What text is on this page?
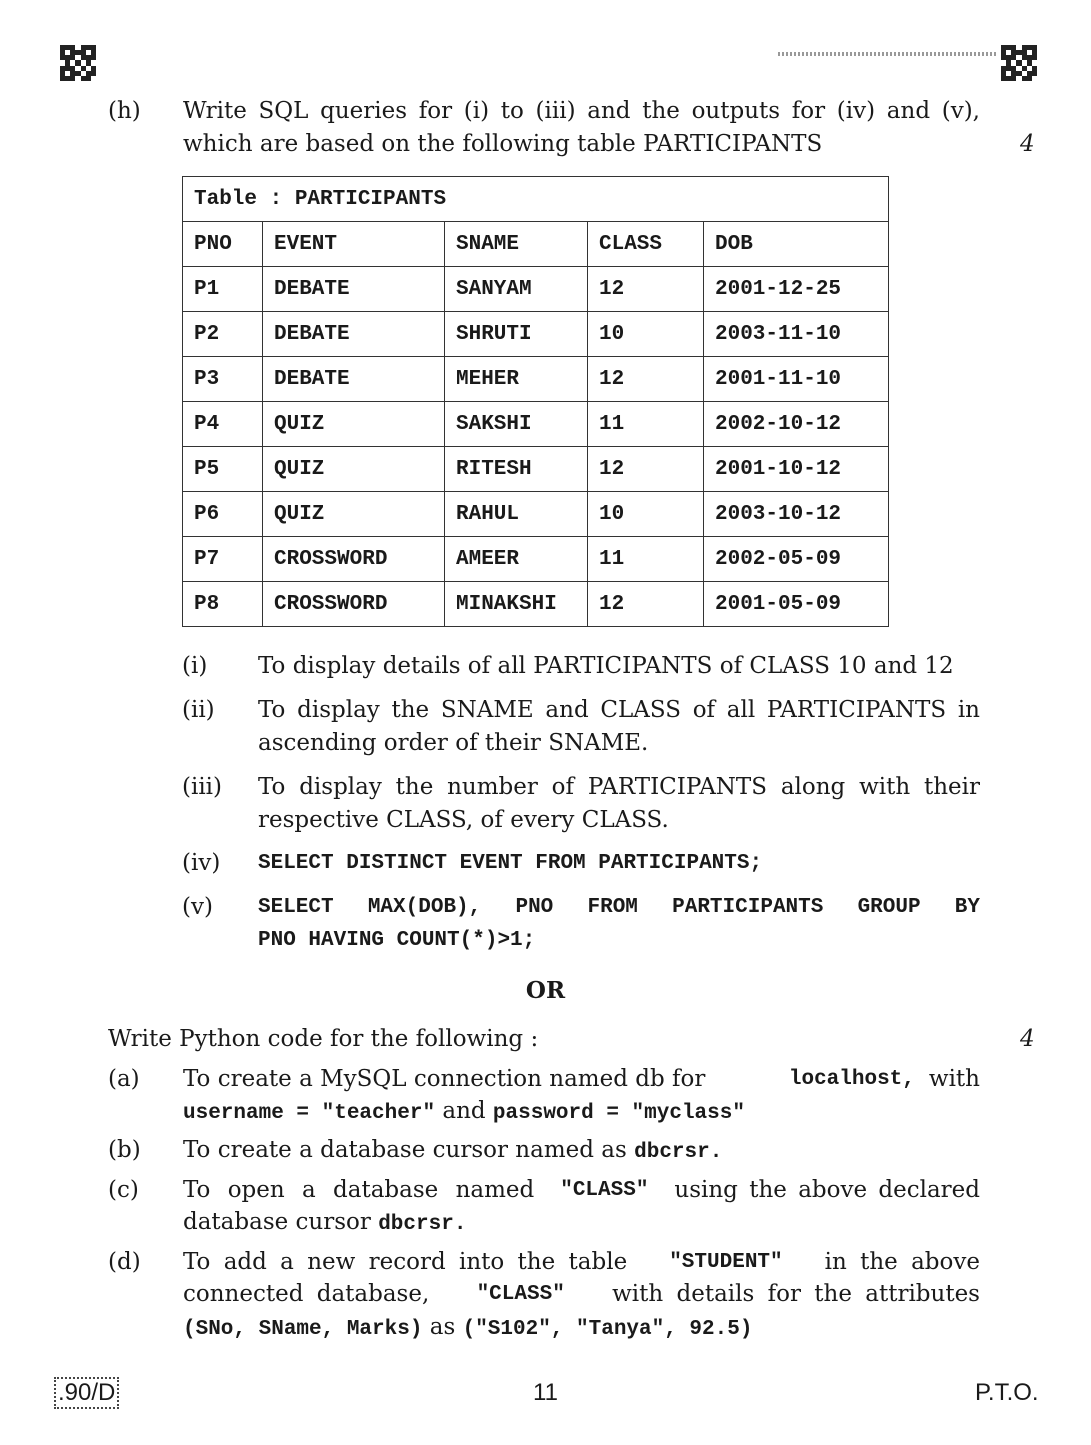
(h) Write SQL queries for (i) to (iii) and the outputs for (iv) and (v),
which are based on the following table PARTICIPANTS	4
Table : PARTICIPANTS				
PNO	EVENT	SNAME	CLASS	DOB
P1	DEBATE	SANYAM	12	2001-12-25
P2	DEBATE	SHRUTI	10	2003-11-10
P3	DEBATE	MEHER	12	2001-11-10
P4	QUIZ	SAKSHI	11	2002-10-12
P5	QUIZ	RITESH	12	2001-10-12
P6	QUIZ	RAHUL	10	2003-10-12
P7	CROSSWORD	AMEER	11	2002-05-09
P8	CROSSWORD	MINAKSHI	12	2001-05-09
(i) To display details of all PARTICIPANTS of CLASS 10 and 12
(ii) To display the SNAME and CLASS of all PARTICIPANTS in
ascending order of their SNAME.
(iii) To display the number of PARTICIPANTS along with their
respective CLASS, of every CLASS.
(iv) SELECT DISTINCT EVENT FROM PARTICIPANTS;
(v) SELECT MAX(DOB), PNO FROM PARTICIPANTS GROUP BY
PNO HAVING COUNT(*)>1;
OR
Write Python code for the following :	4
(a) To create a MySQL connection named db for	localhost, with
username = "teacher" and password = "myclass"
(b) To create a database cursor named as dbcrsr.
(c) To open a database named "CLASS" using the above declared
database cursor dbcrsr.
(d) To add a new record into the table "STUDENT" in the above
connected database, "CLASS" with details for the attributes
(SNo, SName, Marks) as ("S102", "Tanya", 92.5)
.90/D	11	P.T.O.
